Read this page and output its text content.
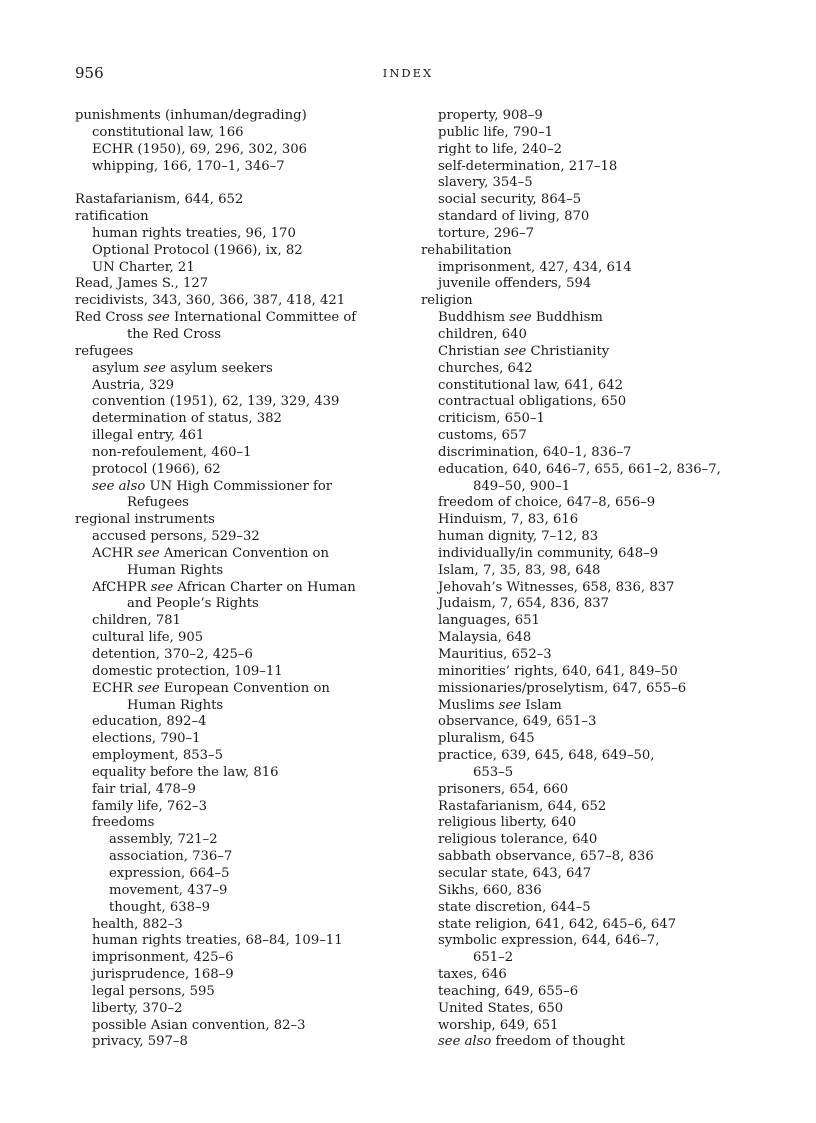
956	INDEX
punishments (inhuman/degrading)
constitutional law, 166
ECHR (1950), 69, 296, 302, 306
whipping, 166, 170–1, 346–7
Rastafarianism, 644, 652
ratification
human rights treaties, 96, 170
Optional Protocol (1966), ix, 82
UN Charter, 21
Read, James S., 127
recidivists, 343, 360, 366, 387, 418, 421
Red Cross see International Committee of
the Red Cross
refugees
asylum see asylum seekers
Austria, 329
convention (1951), 62, 139, 329, 439
determination of status, 382
illegal entry, 461
non-refoulement, 460–1
protocol (1966), 62
see also UN High Commissioner for
Refugees
regional instruments
accused persons, 529–32
ACHR see American Convention on
Human Rights
AfCHPR see African Charter on Human
and People’s Rights
children, 781
cultural life, 905
detention, 370–2, 425–6
domestic protection, 109–11
ECHR see European Convention on
Human Rights
education, 892–4
elections, 790–1
employment, 853–5
equality before the law, 816
fair trial, 478–9
family life, 762–3
freedoms
assembly, 721–2
association, 736–7
expression, 664–5
movement, 437–9
thought, 638–9
health, 882–3
human rights treaties, 68–84, 109–11
imprisonment, 425–6
jurisprudence, 168–9
legal persons, 595
liberty, 370–2
possible Asian convention, 82–3
privacy, 597–8
property, 908–9
public life, 790–1
right to life, 240–2
self-determination, 217–18
slavery, 354–5
social security, 864–5
standard of living, 870
torture, 296–7
rehabilitation
imprisonment, 427, 434, 614
juvenile offenders, 594
religion
Buddhism see Buddhism
children, 640
Christian see Christianity
churches, 642
constitutional law, 641, 642
contractual obligations, 650
criticism, 650–1
customs, 657
discrimination, 640–1, 836–7
education, 640, 646–7, 655, 661–2, 836–7,
849–50, 900–1
freedom of choice, 647–8, 656–9
Hinduism, 7, 83, 616
human dignity, 7–12, 83
individually/in community, 648–9
Islam, 7, 35, 83, 98, 648
Jehovah’s Witnesses, 658, 836, 837
Judaism, 7, 654, 836, 837
languages, 651
Malaysia, 648
Mauritius, 652–3
minorities’ rights, 640, 641, 849–50
missionaries/proselytism, 647, 655–6
Muslims see Islam
observance, 649, 651–3
pluralism, 645
practice, 639, 645, 648, 649–50,
653–5
prisoners, 654, 660
Rastafarianism, 644, 652
religious liberty, 640
religious tolerance, 640
sabbath observance, 657–8, 836
secular state, 643, 647
Sikhs, 660, 836
state discretion, 644–5
state religion, 641, 642, 645–6, 647
symbolic expression, 644, 646–7,
651–2
taxes, 646
teaching, 649, 655–6
United States, 650
worship, 649, 651
see also freedom of thought
